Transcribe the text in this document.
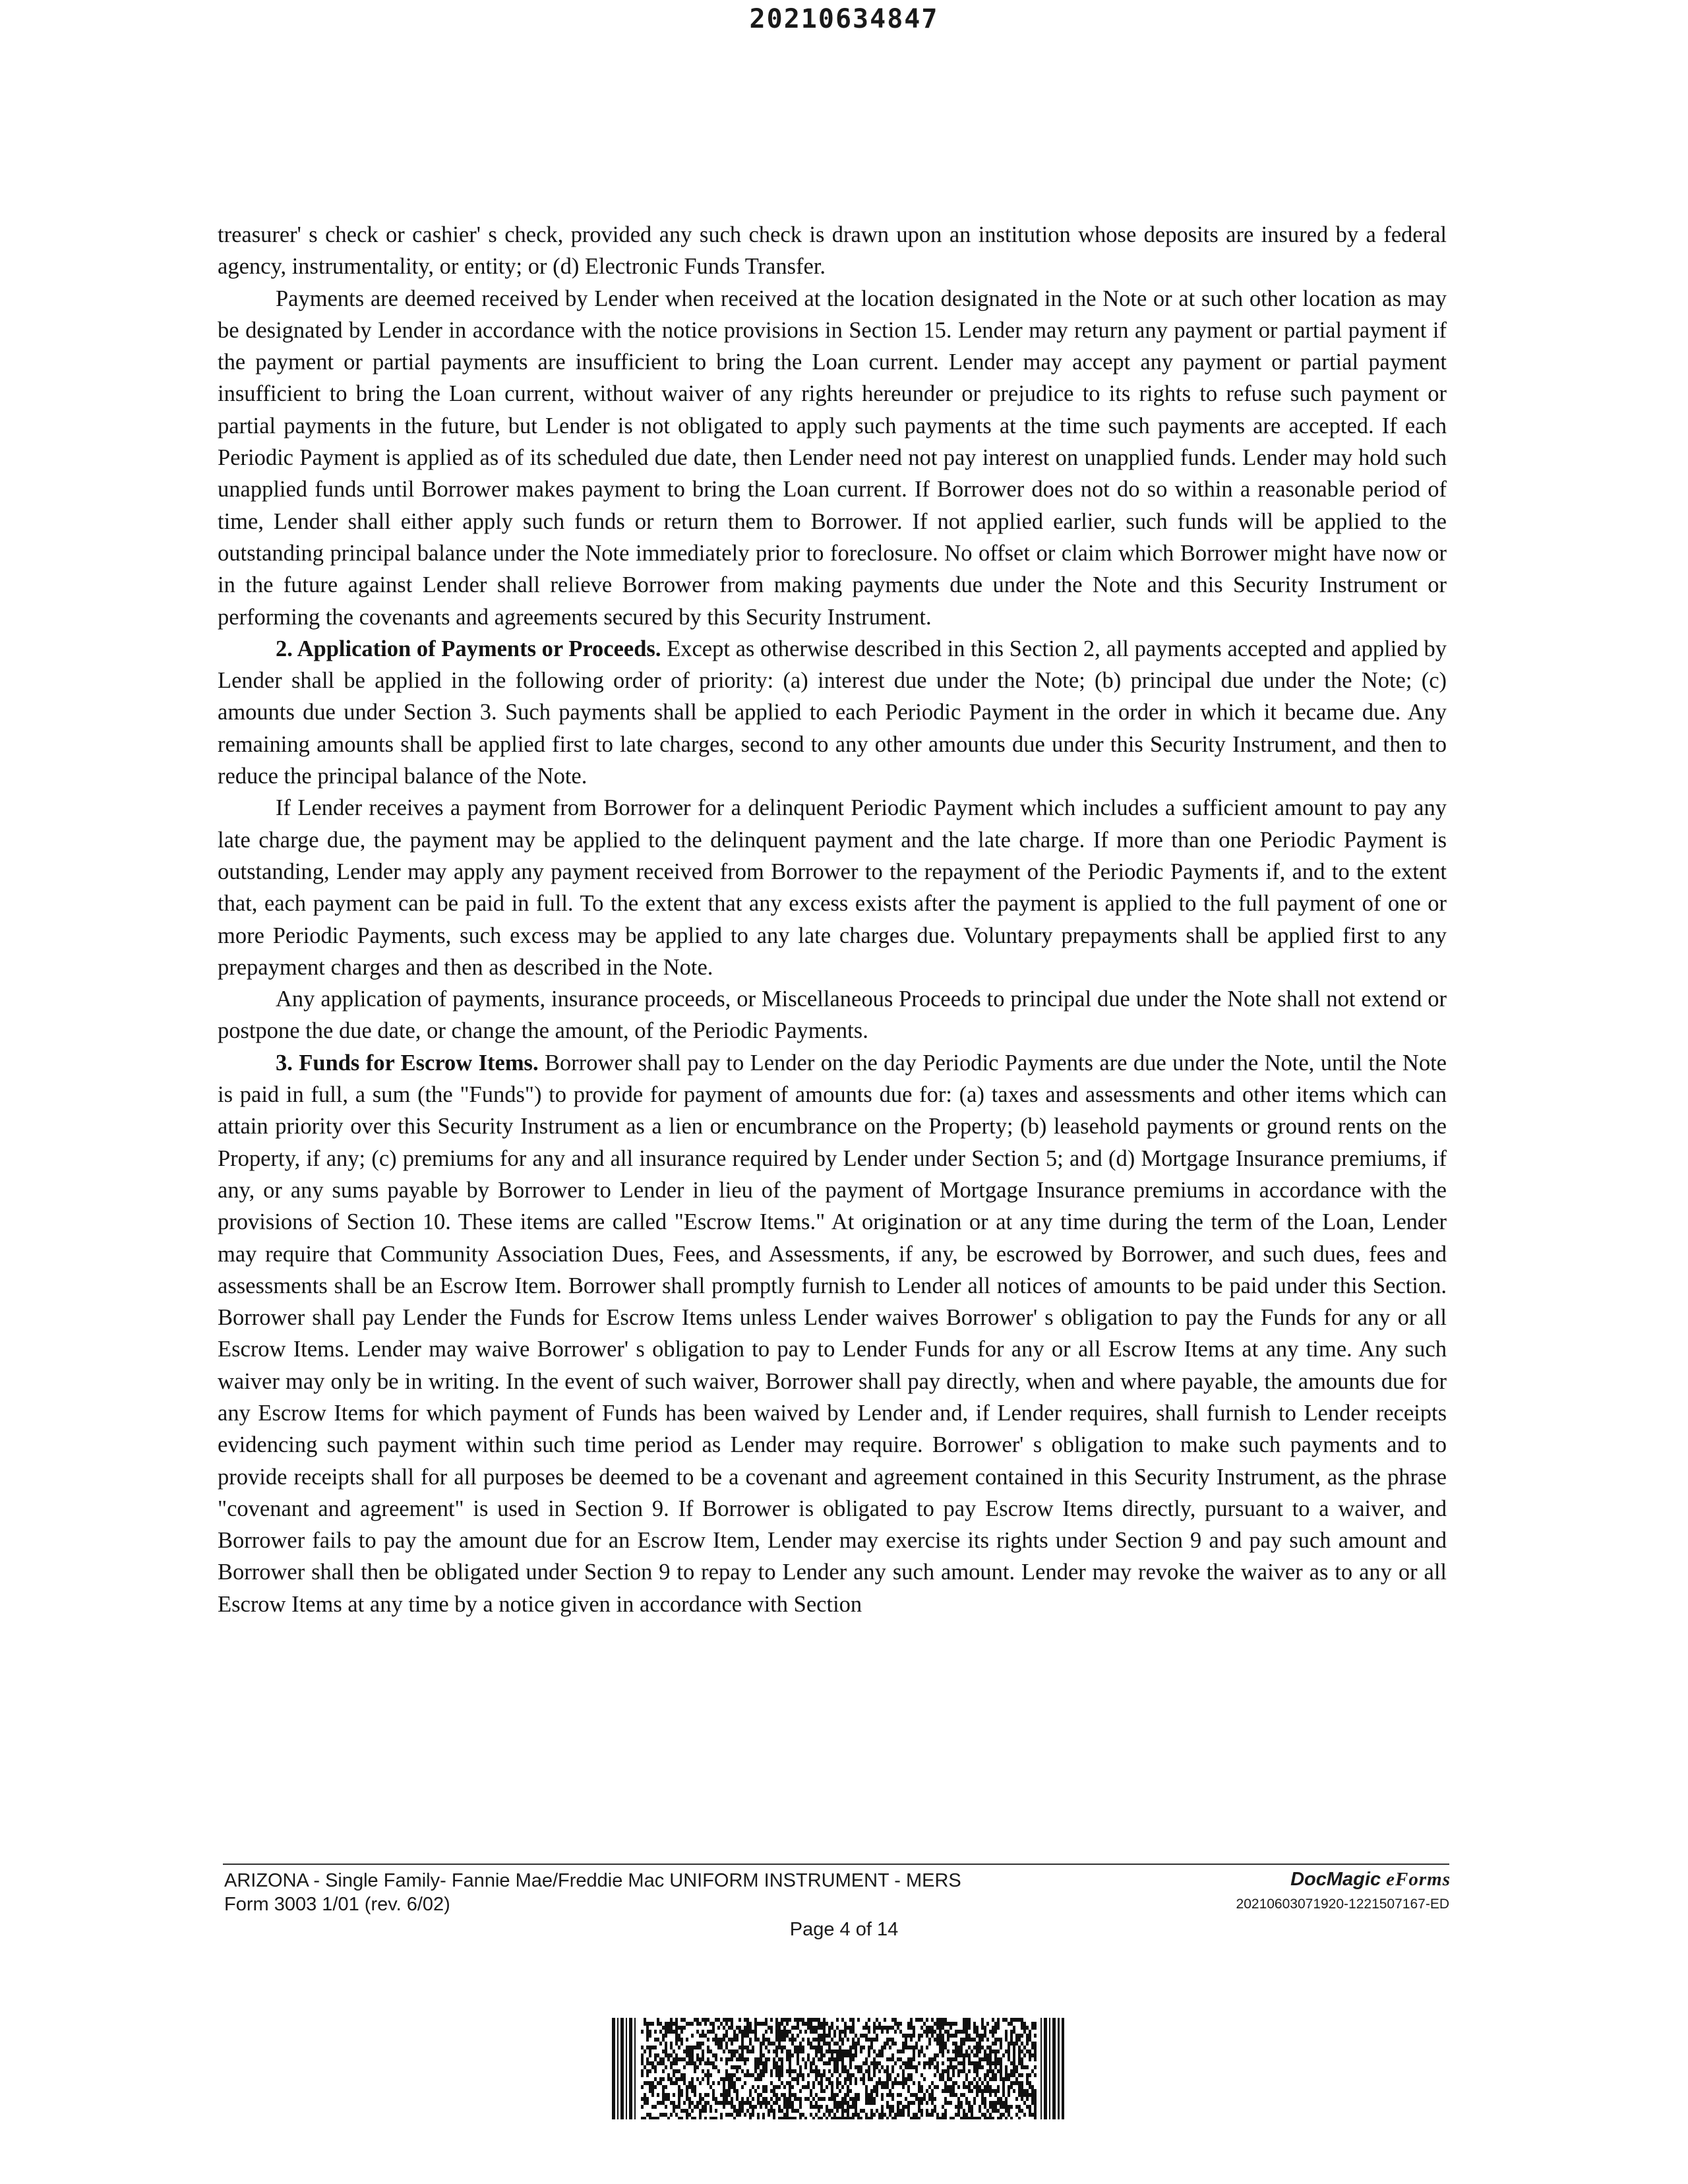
20210634847

treasurer' s check or cashier' s check, provided any such check is drawn upon an institution whose deposits are insured by a federal agency, instrumentality, or entity; or (d) Electronic Funds Transfer.

Payments are deemed received by Lender when received at the location designated in the Note or at such other location as may be designated by Lender in accordance with the notice provisions in Section 15. Lender may return any payment or partial payment if the payment or partial payments are insufficient to bring the Loan current. Lender may accept any payment or partial payment insufficient to bring the Loan current, without waiver of any rights hereunder or prejudice to its rights to refuse such payment or partial payments in the future, but Lender is not obligated to apply such payments at the time such payments are accepted. If each Periodic Payment is applied as of its scheduled due date, then Lender need not pay interest on unapplied funds. Lender may hold such unapplied funds until Borrower makes payment to bring the Loan current. If Borrower does not do so within a reasonable period of time, Lender shall either apply such funds or return them to Borrower. If not applied earlier, such funds will be applied to the outstanding principal balance under the Note immediately prior to foreclosure. No offset or claim which Borrower might have now or in the future against Lender shall relieve Borrower from making payments due under the Note and this Security Instrument or performing the covenants and agreements secured by this Security Instrument.

2. Application of Payments or Proceeds. Except as otherwise described in this Section 2, all payments accepted and applied by Lender shall be applied in the following order of priority: (a) interest due under the Note; (b) principal due under the Note; (c) amounts due under Section 3. Such payments shall be applied to each Periodic Payment in the order in which it became due. Any remaining amounts shall be applied first to late charges, second to any other amounts due under this Security Instrument, and then to reduce the principal balance of the Note.

If Lender receives a payment from Borrower for a delinquent Periodic Payment which includes a sufficient amount to pay any late charge due, the payment may be applied to the delinquent payment and the late charge. If more than one Periodic Payment is outstanding, Lender may apply any payment received from Borrower to the repayment of the Periodic Payments if, and to the extent that, each payment can be paid in full. To the extent that any excess exists after the payment is applied to the full payment of one or more Periodic Payments, such excess may be applied to any late charges due. Voluntary prepayments shall be applied first to any prepayment charges and then as described in the Note.

Any application of payments, insurance proceeds, or Miscellaneous Proceeds to principal due under the Note shall not extend or postpone the due date, or change the amount, of the Periodic Payments.

3. Funds for Escrow Items. Borrower shall pay to Lender on the day Periodic Payments are due under the Note, until the Note is paid in full, a sum (the "Funds") to provide for payment of amounts due for: (a) taxes and assessments and other items which can attain priority over this Security Instrument as a lien or encumbrance on the Property; (b) leasehold payments or ground rents on the Property, if any; (c) premiums for any and all insurance required by Lender under Section 5; and (d) Mortgage Insurance premiums, if any, or any sums payable by Borrower to Lender in lieu of the payment of Mortgage Insurance premiums in accordance with the provisions of Section 10. These items are called "Escrow Items." At origination or at any time during the term of the Loan, Lender may require that Community Association Dues, Fees, and Assessments, if any, be escrowed by Borrower, and such dues, fees and assessments shall be an Escrow Item. Borrower shall promptly furnish to Lender all notices of amounts to be paid under this Section. Borrower shall pay Lender the Funds for Escrow Items unless Lender waives Borrower' s obligation to pay the Funds for any or all Escrow Items. Lender may waive Borrower' s obligation to pay to Lender Funds for any or all Escrow Items at any time. Any such waiver may only be in writing. In the event of such waiver, Borrower shall pay directly, when and where payable, the amounts due for any Escrow Items for which payment of Funds has been waived by Lender and, if Lender requires, shall furnish to Lender receipts evidencing such payment within such time period as Lender may require. Borrower' s obligation to make such payments and to provide receipts shall for all purposes be deemed to be a covenant and agreement contained in this Security Instrument, as the phrase "covenant and agreement" is used in Section 9. If Borrower is obligated to pay Escrow Items directly, pursuant to a waiver, and Borrower fails to pay the amount due for an Escrow Item, Lender may exercise its rights under Section 9 and pay such amount and Borrower shall then be obligated under Section 9 to repay to Lender any such amount. Lender may revoke the waiver as to any or all Escrow Items at any time by a notice given in accordance with Section

ARIZONA - Single Family- Fannie Mae/Freddie Mac UNIFORM INSTRUMENT - MERS
Form 3003 1/01 (rev. 6/02)
Page 4 of 14
DocMagic eForms
20210603071920-1221507167-ED
